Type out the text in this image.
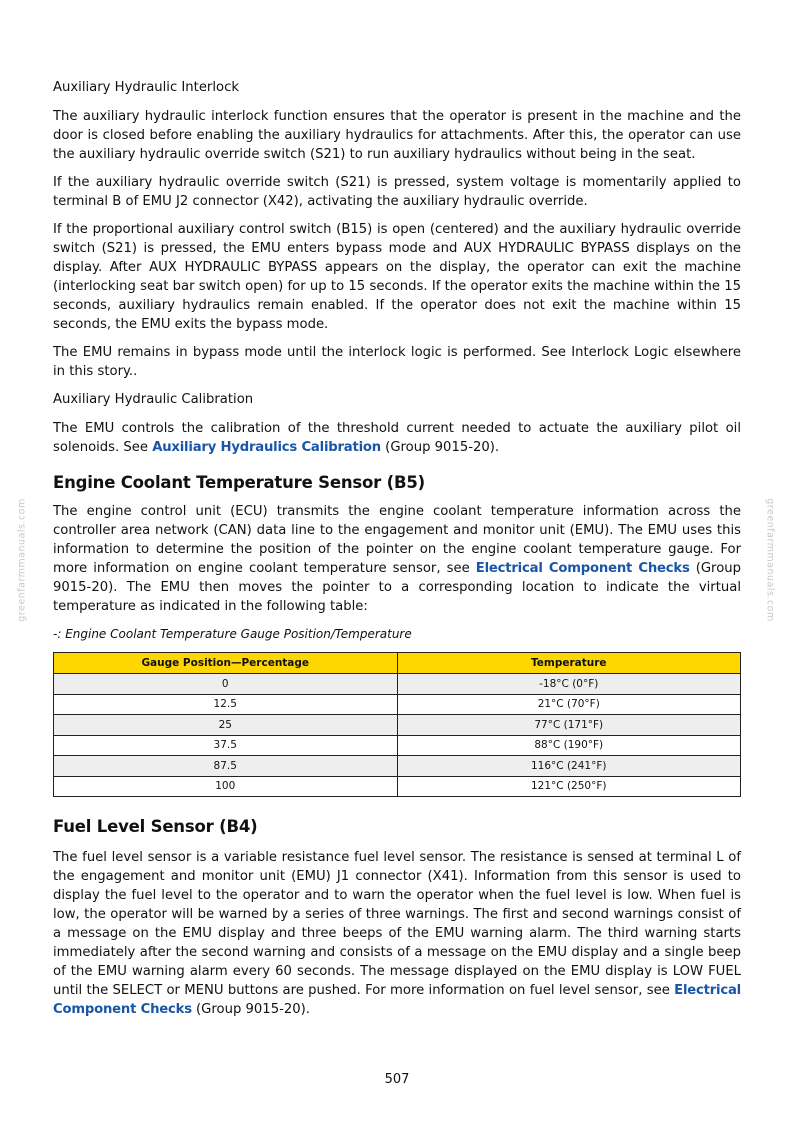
greenfarmmanuals.com	greenfarmmanuals.com
Auxiliary Hydraulic Interlock

The auxiliary hydraulic interlock function ensures that the operator is present in the machine and the door is closed before enabling the auxiliary hydraulics for attachments. After this, the operator can use the auxiliary hydraulic override switch (S21) to run auxiliary hydraulics without being in the seat.

If the auxiliary hydraulic override switch (S21) is pressed, system voltage is momentarily applied to terminal B of EMU J2 connector (X42), activating the auxiliary hydraulic override.

If the proportional auxiliary control switch (B15) is open (centered) and the auxiliary hydraulic override switch (S21) is pressed, the EMU enters bypass mode and AUX HYDRAULIC BYPASS displays on the display. After AUX HYDRAULIC BYPASS appears on the display, the operator can exit the machine (interlocking seat bar switch open) for up to 15 seconds. If the operator exits the machine within the 15 seconds, auxiliary hydraulics remain enabled. If the operator does not exit the machine within 15 seconds, the EMU exits the bypass mode.

The EMU remains in bypass mode until the interlock logic is performed. See Interlock Logic elsewhere in this story..

Auxiliary Hydraulic Calibration

The EMU controls the calibration of the threshold current needed to actuate the auxiliary pilot oil solenoids. See Auxiliary Hydraulics Calibration (Group 9015-20).

Engine Coolant Temperature Sensor (B5)

The engine control unit (ECU) transmits the engine coolant temperature information across the controller area network (CAN) data line to the engagement and monitor unit (EMU). The EMU uses this information to determine the position of the pointer on the engine coolant temperature gauge. For more information on engine coolant temperature sensor, see Electrical Component Checks (Group 9015-20). The EMU then moves the pointer to a corresponding location to indicate the virtual temperature as indicated in the following table:

-: Engine Coolant Temperature Gauge Position/Temperature
Gauge Position—Percentage	Temperature
0	-18°C (0°F)
12.5	21°C (70°F)
25	77°C (171°F)
37.5	88°C (190°F)
87.5	116°C (241°F)
100	121°C (250°F)
Fuel Level Sensor (B4)

The fuel level sensor is a variable resistance fuel level sensor. The resistance is sensed at terminal L of the engagement and monitor unit (EMU) J1 connector (X41). Information from this sensor is used to display the fuel level to the operator and to warn the operator when the fuel level is low. When fuel is low, the operator will be warned by a series of three warnings. The first and second warnings consist of a message on the EMU display and three beeps of the EMU warning alarm. The third warning starts immediately after the second warning and consists of a message on the EMU display and a single beep of the EMU warning alarm every 60 seconds. The message displayed on the EMU display is LOW FUEL until the SELECT or MENU buttons are pushed. For more information on fuel level sensor, see Electrical Component Checks (Group 9015-20).

507
